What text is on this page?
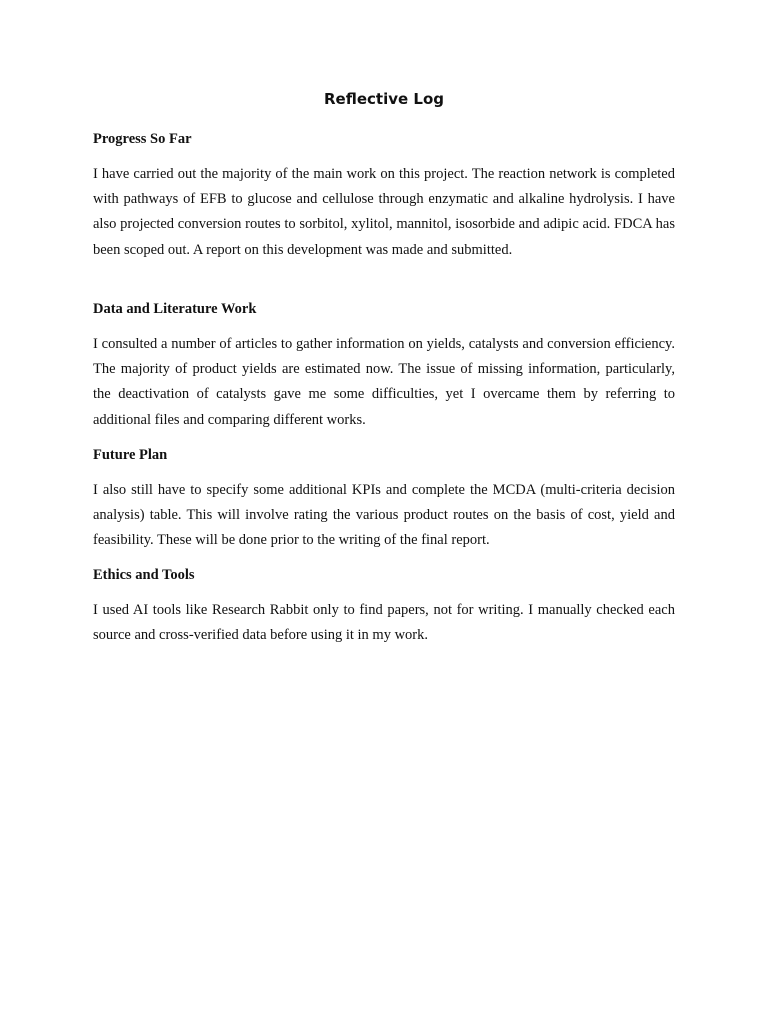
Reflective Log
Progress So Far

I have carried out the majority of the main work on this project. The reaction network is completed with pathways of EFB to glucose and cellulose through enzymatic and alkaline hydrolysis. I have also projected conversion routes to sorbitol, xylitol, mannitol, isosorbide and adipic acid. FDCA has been scoped out. A report on this development was made and submitted.

Data and Literature Work

I consulted a number of articles to gather information on yields, catalysts and conversion efficiency. The majority of product yields are estimated now. The issue of missing information, particularly, the deactivation of catalysts gave me some difficulties, yet I overcame them by referring to additional files and comparing different works.

Future Plan

I also still have to specify some additional KPIs and complete the MCDA (multi-criteria decision analysis) table. This will involve rating the various product routes on the basis of cost, yield and feasibility. These will be done prior to the writing of the final report.

Ethics and Tools

I used AI tools like Research Rabbit only to find papers, not for writing. I manually checked each source and cross-verified data before using it in my work.
